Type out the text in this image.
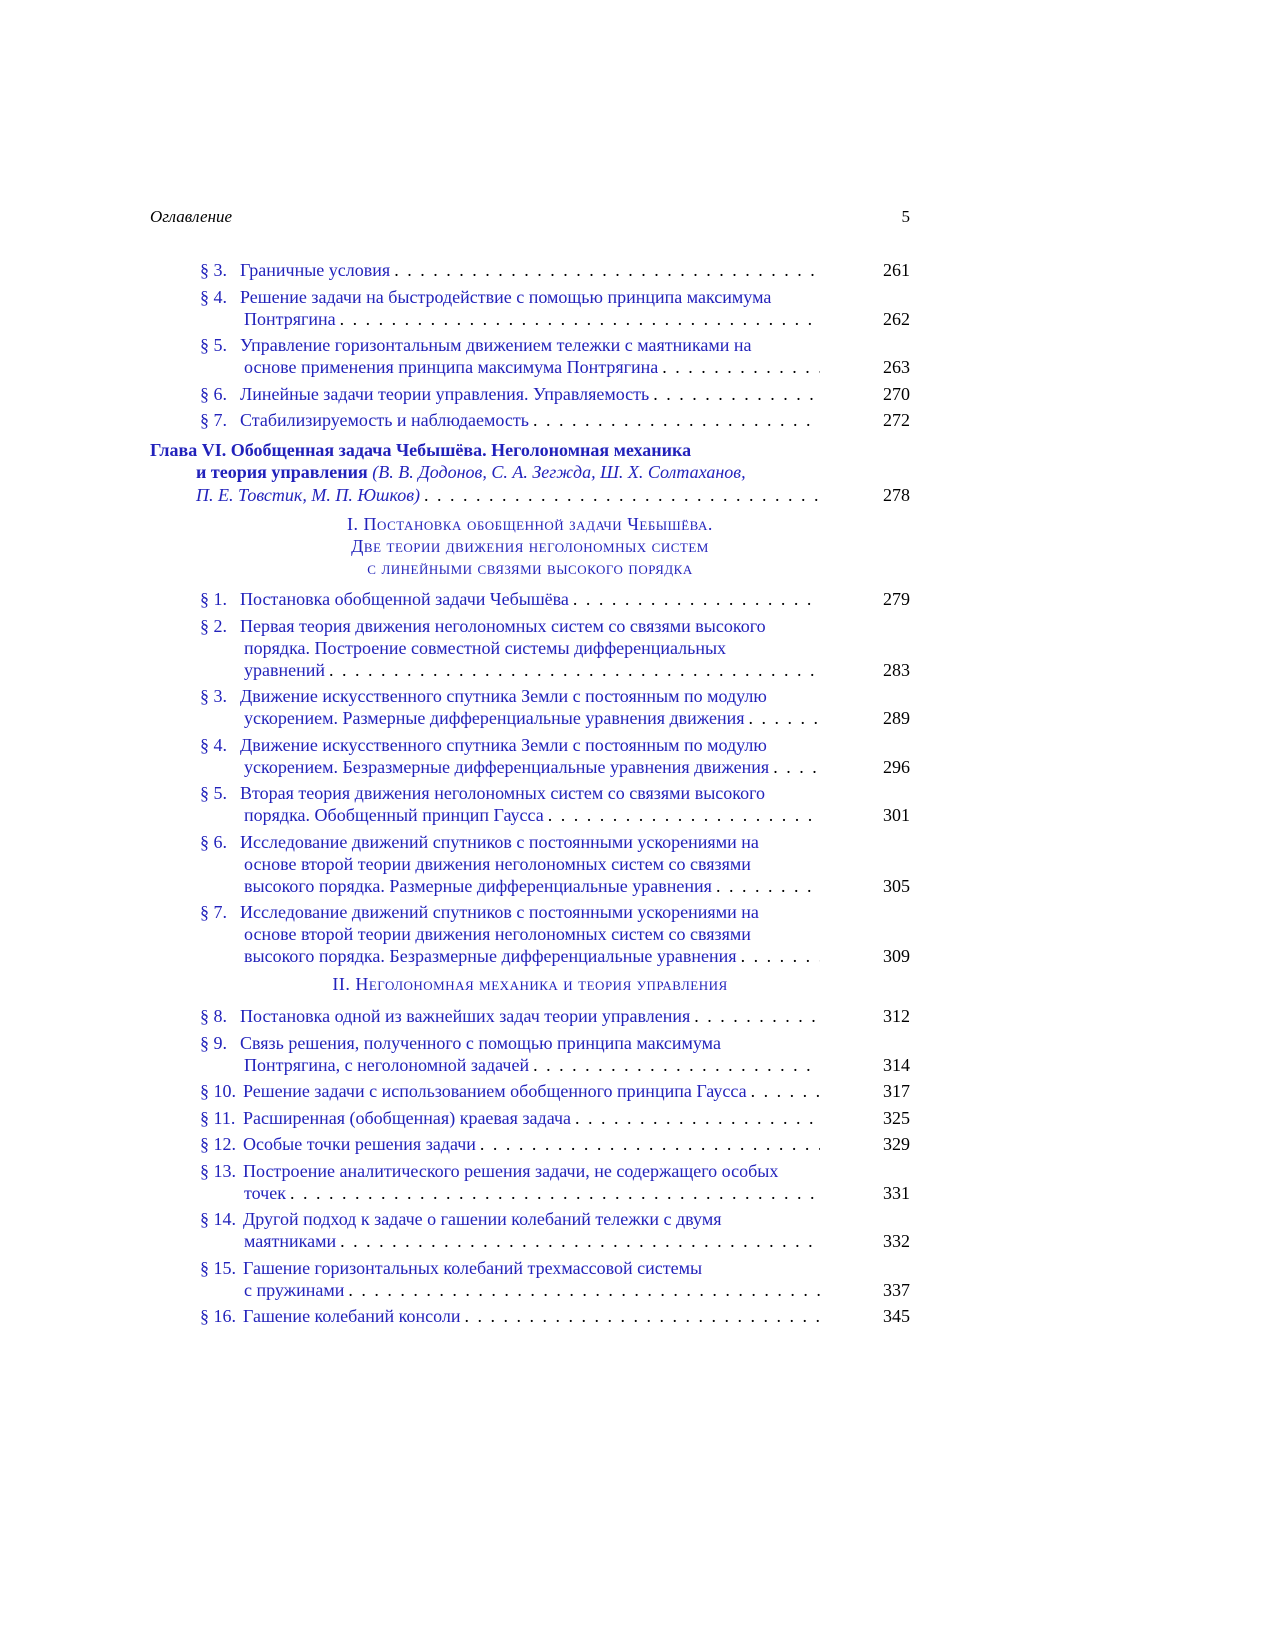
Оглавление	5
§ 3. Граничные условия . . .	261
§ 4. Решение задачи на быстродействие с помощью принципа максимума
Понтрягина . . .	262
§ 5. Управление горизонтальным движением тележки с маятниками на
основе применения принципа максимума Понтрягина . . .	263
§ 6. Линейные задачи теории управления. Управляемость . . .	270
§ 7. Стабилизируемость и наблюдаемость . . .	272
Глава VI. Обобщенная задача Чебышёва. Неголономная механика
и теория управления (В. В. Додонов, С. А. Зегжда, Ш. Х. Солтаханов,
П. Е. Товстик, М. П. Юшков) . . .	278
I. Постановка обобщенной задачи Чебышёва.
Две теории движения неголономных систем
с линейными связями высокого порядка
§ 1. Постановка обобщенной задачи Чебышёва . . .	279
§ 2. Первая теория движения неголономных систем со связями высокого
порядка. Построение совместной системы дифференциальных
уравнений . . .	283
§ 3. Движение искусственного спутника Земли с постоянным по модулю
ускорением. Размерные дифференциальные уравнения движения . . .	289
§ 4. Движение искусственного спутника Земли с постоянным по модулю
ускорением. Безразмерные дифференциальные уравнения движения . . .	296
§ 5. Вторая теория движения неголономных систем со связями высокого
порядка. Обобщенный принцип Гаусса . . .	301
§ 6. Исследование движений спутников с постоянными ускорениями на
основе второй теории движения неголономных систем со связями
высокого порядка. Размерные дифференциальные уравнения . . .	305
§ 7. Исследование движений спутников с постоянными ускорениями на
основе второй теории движения неголономных систем со связями
высокого порядка. Безразмерные дифференциальные уравнения . . .	309
II. Неголономная механика и теория управления
§ 8. Постановка одной из важнейших задач теории управления . . .	312
§ 9. Связь решения, полученного с помощью принципа максимума
Понтрягина, с неголономной задачей . . .	314
§ 10. Решение задачи с использованием обобщенного принципа Гаусса . . .	317
§ 11. Расширенная (обобщенная) краевая задача . . .	325
§ 12. Особые точки решения задачи . . .	329
§ 13. Построение аналитического решения задачи, не содержащего особых
точек . . .	331
§ 14. Другой подход к задаче о гашении колебаний тележки с двумя
маятниками . . .	332
§ 15. Гашение горизонтальных колебаний трехмассовой системы
с пружинами . . .	337
§ 16. Гашение колебаний консоли . . .	345
